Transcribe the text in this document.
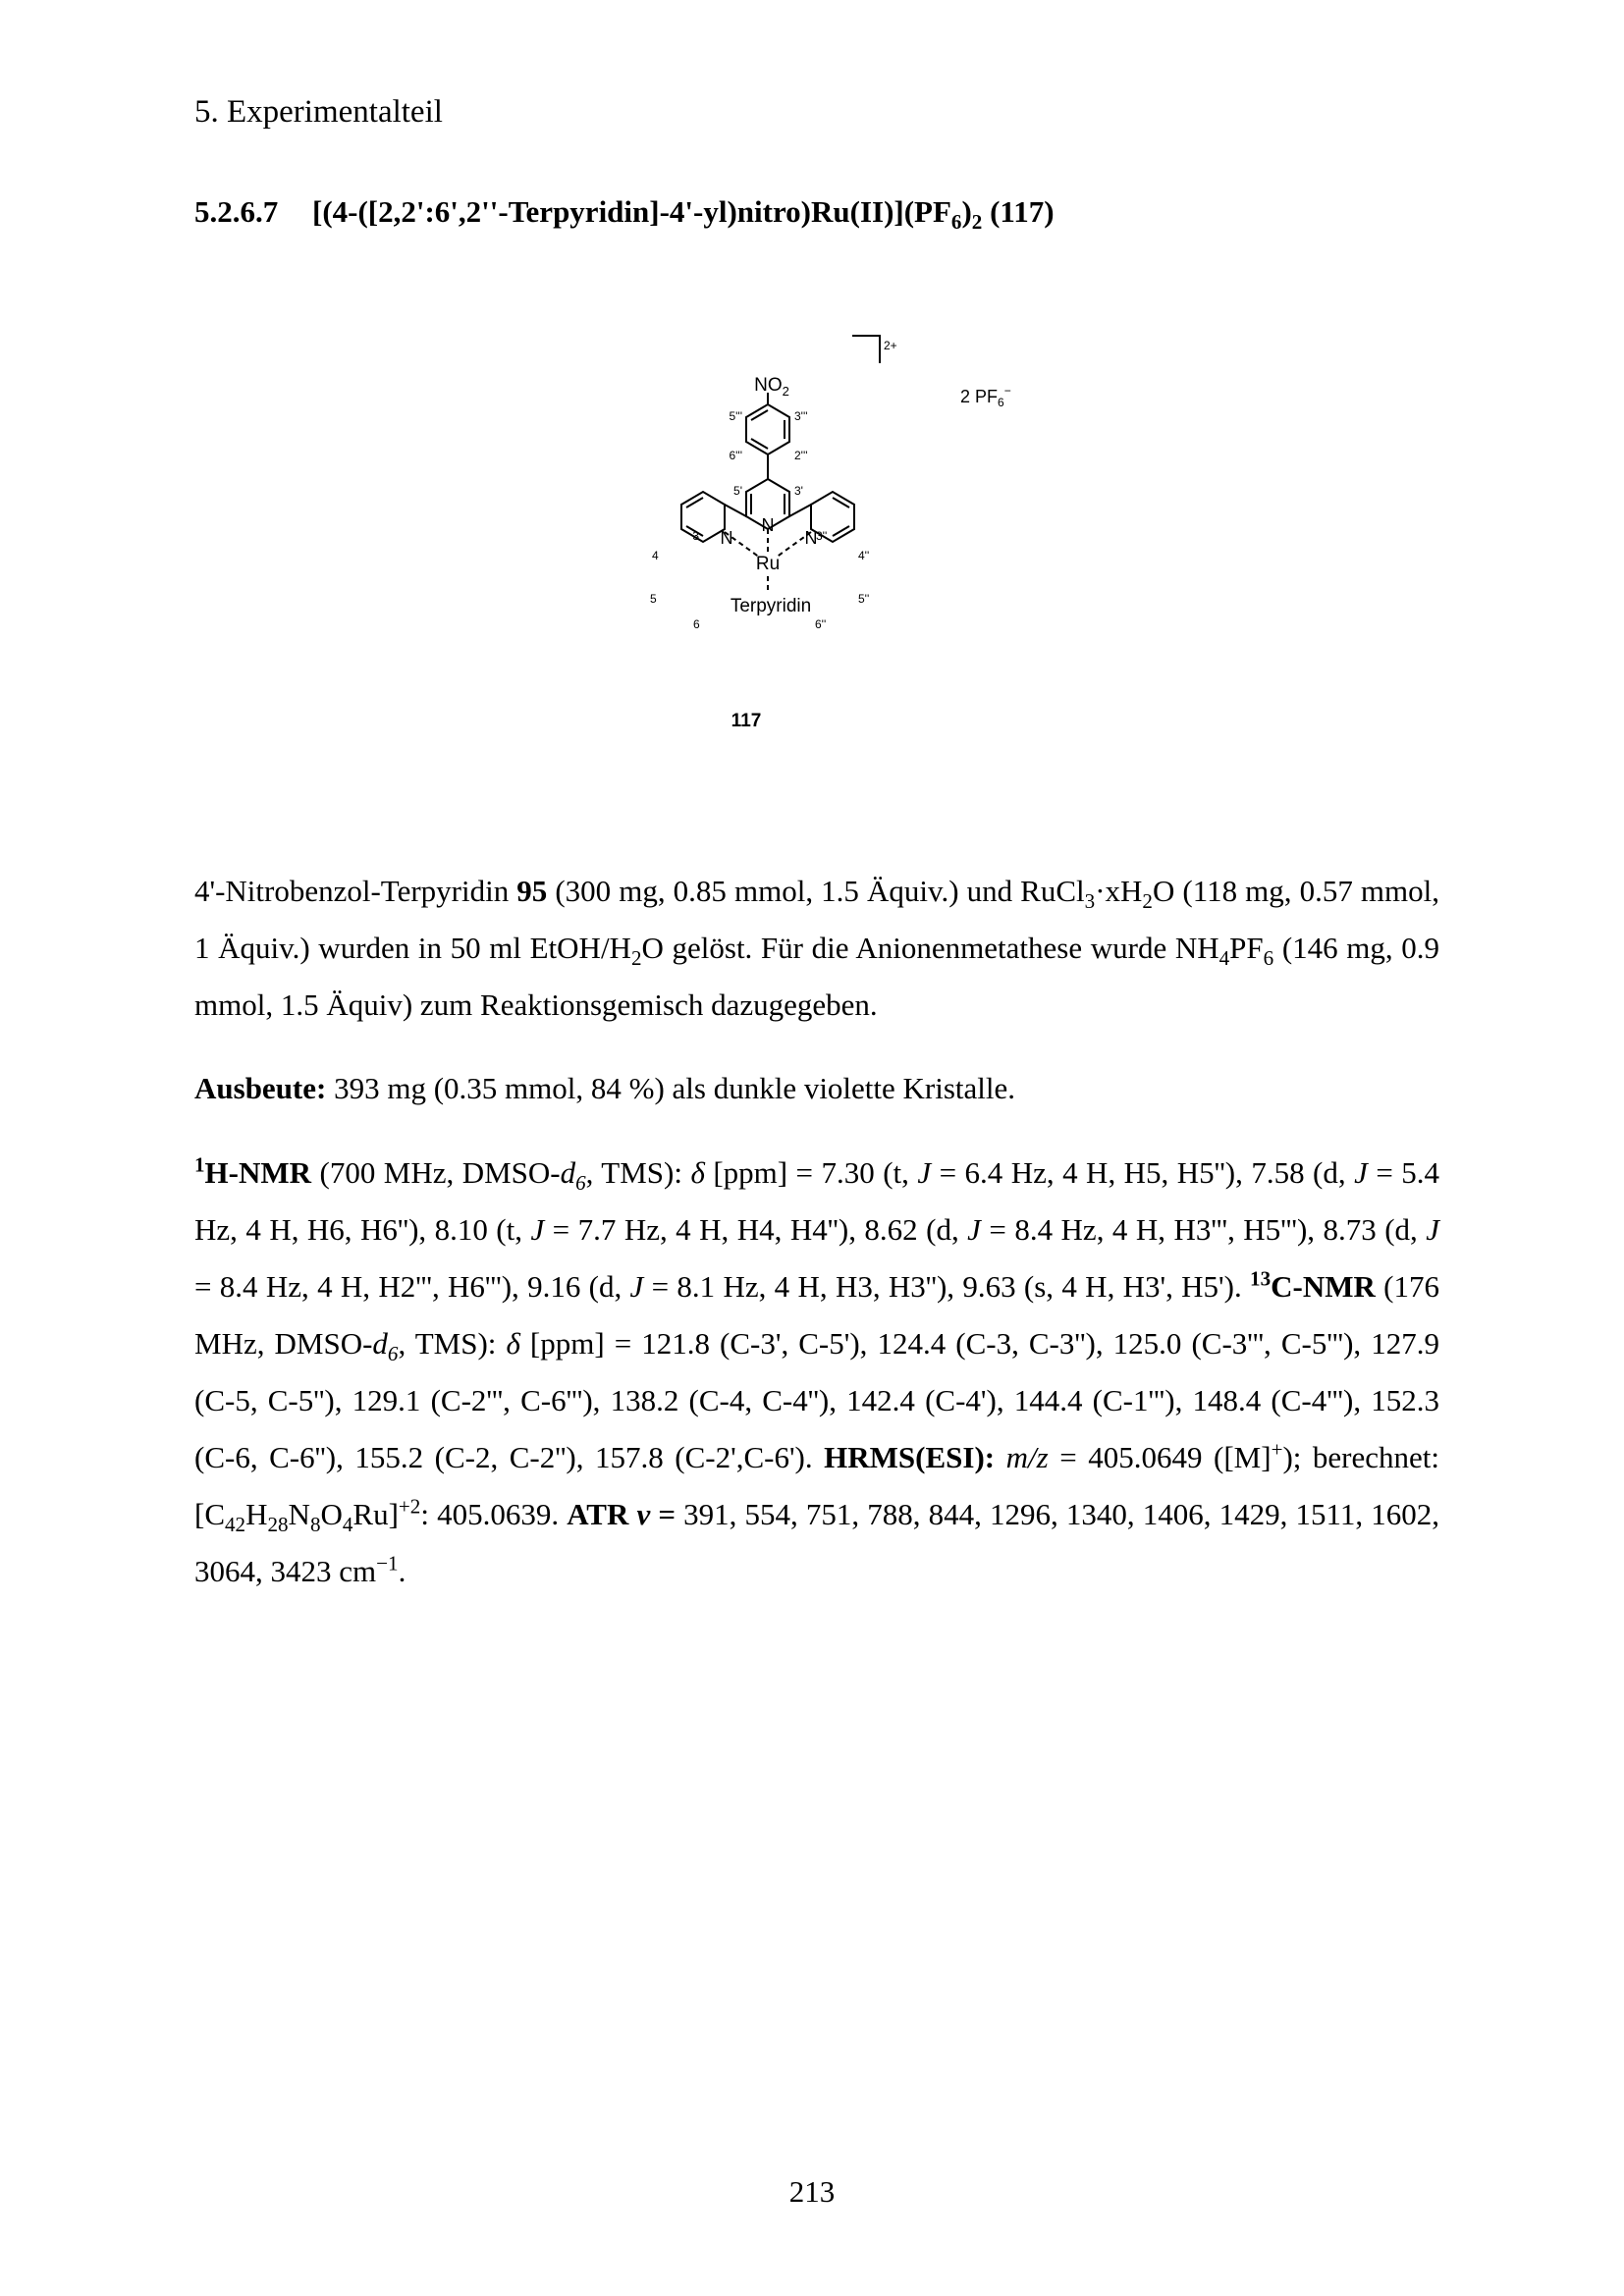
5. Experimentalteil
5.2.6.7 $[(4-([2,2':6',2''-Terpyridin]-4'-yl)nitro)Ru(II)](PF_6)_2$ (117)
$NO_2$
Ru
Terpyridin
N
N	N
2+
2 $PF_6^-$
5'''
6'''
3'''
2'''
5'	3'
3
4
5
6
3''
4''
5''
6''
117
4'-Nitrobenzol-Terpyridin 95 (300 mg, 0.85 mmol, 1.5 Äquiv.) und $RuCl_3\cdot xH_2O$ (118 mg, 0.57 mmol, 1 Äquiv.) wurden in 50 ml EtOH/$H_2O$ gelöst. Für die Anionenmetathese wurde $NH_4PF_6$ (146 mg, 0.9 mmol, 1.5 Äquiv) zum Reaktionsgemisch dazugegeben.
Ausbeute: 393 mg (0.35 mmol, 84 %) als dunkle violette Kristalle.
$^1$H-NMR (700 MHz, DMSO-$d_6$, TMS): δ [ppm] = 7.30 (t, J = 6.4 Hz, 4 H, H5, H5''), 7.58 (d, J = 5.4 Hz, 4 H, H6, H6''), 8.10 (t, J = 7.7 Hz, 4 H, H4, H4''), 8.62 (d, J = 8.4 Hz, 4 H, H3''', H5'''), 8.73 (d, J = 8.4 Hz, 4 H, H2''', H6'''), 9.16 (d, J = 8.1 Hz, 4 H, H3, H3''), 9.63 (s, 4 H, H3', H5'). $^{13}$C-NMR (176 MHz, DMSO-$d_6$, TMS): δ [ppm] = 121.8 (C-3', C-5'), 124.4 (C-3, C-3''), 125.0 (C-3''', C-5'''), 127.9 (C-5, C-5''), 129.1 (C-2''', C-6'''), 138.2 (C-4, C-4''), 142.4 (C-4'), 144.4 (C-1'''), 148.4 (C-4'''), 152.3 (C-6, C-6''), 155.2 (C-2, C-2''), 157.8 (C-2',C-6'). HRMS(ESI): m/z = 405.0649 ([M]+); berechnet: $[C_{42}H_{28}N_8O_4Ru]^{+2}$: 405.0639. ATR ν = 391, 554, 751, 788, 844, 1296, 1340, 1406, 1429, 1511, 1602, 3064, 3423 $cm^{-1}$.
213
